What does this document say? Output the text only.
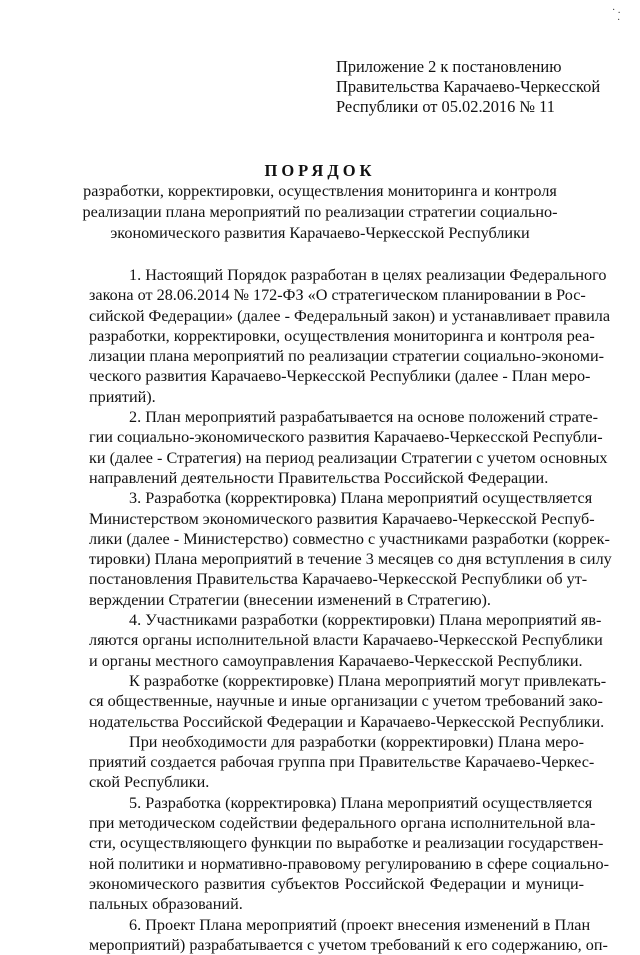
· .
·
Приложение 2 к постановлению
Правительства Карачаево-Черкесской
Республики от 05.02.2016 № 11
ПОРЯДОК
разработки, корректировки, осуществления мониторинга и контроля
реализации плана мероприятий по реализации стратегии социально-
экономического развития Карачаево-Черкесской Республики
1. Настоящий Порядок разработан в целях реализации Федерального
закона от 28.06.2014 № 172-ФЗ «О стратегическом планировании в Рос-
сийской Федерации» (далее - Федеральный закон) и устанавливает правила
разработки, корректировки, осуществления мониторинга и контроля реа-
лизации плана мероприятий по реализации стратегии социально-экономи-
ческого развития Карачаево-Черкесской Республики (далее - План меро-
приятий).
2. План мероприятий разрабатывается на основе положений страте-
гии социально-экономического развития Карачаево-Черкесской Республи-
ки (далее - Стратегия) на период реализации Стратегии с учетом основных
направлений деятельности Правительства Российской Федерации.
3. Разработка (корректировка) Плана мероприятий осуществляется
Министерством экономического развития Карачаево-Черкесской Респуб-
лики (далее - Министерство) совместно с участниками разработки (коррек-
тировки) Плана мероприятий в течение 3 месяцев со дня вступления в силу
постановления Правительства Карачаево-Черкесской Республики об ут-
верждении Стратегии (внесении изменений в Стратегию).
4. Участниками разработки (корректировки) Плана мероприятий яв-
ляются органы исполнительной власти Карачаево-Черкесской Республики
и органы местного самоуправления Карачаево-Черкесской Республики.
К разработке (корректировке) Плана мероприятий могут привлекать-
ся общественные, научные и иные организации с учетом требований зако-
нодательства Российской Федерации и Карачаево-Черкесской Республики.
При необходимости для разработки (корректировки) Плана меро-
приятий создается рабочая группа при Правительстве Карачаево-Черкес-
ской Республики.
5. Разработка (корректировка) Плана мероприятий осуществляется
при методическом содействии федерального органа исполнительной вла-
сти, осуществляющего функции по выработке и реализации государствен-
ной политики и нормативно-правовому регулированию в сфере социально-
экономического развития субъектов Российской Федерации и муници-
пальных образований.
6. Проект Плана мероприятий (проект внесения изменений в План
мероприятий) разрабатывается с учетом требований к его содержанию, оп-
